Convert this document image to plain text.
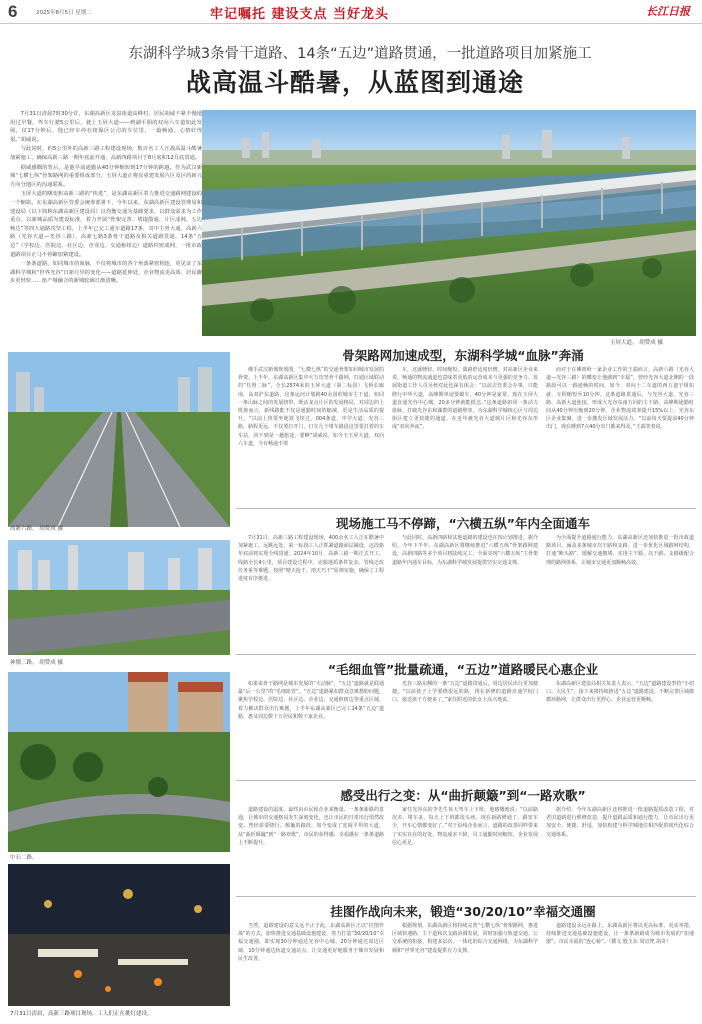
6	2025年8月5日 星期二	牢记嘱托 建设支点 当好龙头	长江日报
东湖科学城3条骨干道路、14条“五边”道路贯通，一批道路项目加紧施工
战高温斗酷暑，从蓝图到通途

7月31日清晨7时30分许，东湖高新区龙泉街道高峰村，居民胡威不紧不慢地用过早餐，驾车行驶5公里后，驶上玉屏大道——到湖平阳的双向六车道如此发展，仅17分钟后，他已经车停在纽保区公司的车位里，一篇畅通，心情好得很。”胡威说。

与此同时，约5公里外的高新三路工程建设现场，数百名工人正战高温斗酷暑加紧施工，确保高新三路一期年底前开通、高新四路项目于8月底和12月底贯通。

据威感慨的背后，是他早前通勤从40分钟缩短到17分钟的跨越。作为武汉新城“七横七纵”骨架路网的重要组成部分，玉屏大道正将原重建发展片区及区的新兴方向分地区的沟通联系。

玉屏大道的曙变和高新三路的“快进”，是东湖高新区着力推进交通路网建设的一个缩影。在东湖高新区管委会统筹部署下，今年以来，东湖高新区建设管理局和建设局（以下简称东湖高新区建设局）以均衡交通为基础要求，以群众需求为工作重点，以新城品质为建设标准，着力开展“骨架完善、堵提散通、片区成网、五边畅达”等四大通路攻坚工程，上半年已完工通车道路17条，其中主骨大通、高新六路（光谷大道—光谷三路）、高新七路3条骨干道路及相关道路贯通，14条“五边”（学校边、医院边、社区边、企业边、交通枢纽边）道路织密成网，一批市政道路项目正马不停蹄加紧建设。

一条条道路，如同城市的血脉，不仅将城市的各个角落紧密相连，更见证了东湖科学城和“世界光谷”日新月异的变化——道路延伸处，企业物流更高效、居民脚步更轻快……座产城融合的新城轮廓日渐清晰。

玉屏大道。 胡赞成 摄
高新六路。 胡赞成 摄
神墩三路。 胡赞成 摄
中石二路。
7月31日清晨，高新三路项目现场，工人们正在挑灯建设。
骨架路网加速成型，东湖科学城“血脉”奔涌

佛手武汉新城规划图，“七横七纵”的交通骨架如同城市发展的骨架。上半年，东湖高新区集中火力攻坚骨干路网，打通区域联动的“任督二脉”。全长2574米的玉屏大道（第二标段）飞桥长廊南，高双沪东道路，这条运河计划跨40余国的城市主干道，如同一条山脉之间的发展纽带，既活龙点片区的发展格局，对周边的上班族而言，新线路能不仅是通勤时间的缩减，更是生活品质的提升。“以前上班要坐地铁飞快过，004条道，中学大道、光谷三路，路程更远。不仅要打开门，打车几个堵车路段这里要打着的车车站，回不到是一趟旅途，要啊”胡威说，如今玉玉屏大道，双向六车道，今有畅通不堵

车，这就睡轻，时间缩短，离路舒适度倍增。对高新区企业来说，畅通的物流通道也意味着更低的运营成本与更强的竞争力。发展街道工作人员吴秋对此也深有体会：“以前去管委会办事，只能绕行中华大道，高峰期单途要破车，40分钟是家常。现在玉屏大道直通光谷中心城，20多分钟就能抵达。”这条道路如同一条动力血脉，打破光谷东和湖群的道路壁垒，为东湖科学城核心区与周边街区建立更快捷的通道，在近年被光谷大道城片区和光谷东形成“双向奔流”。

而对于在佛祖岭一家企业工作的王端而言，高新六路（光谷大道—光谷三路）的蝶变让他感到“幸福”。曾经光谷大道北侧的一段路段可以一路通畅的时间，如今，双向十二车道的西方道宇组如就，车程缩短至10分钟。这条道路贯通后，与光谷大道、光谷三路、高新大道连接，形成大光谷东南方向的主干路，高峰期通勤时间从40分钟压缩到20分钟，企业物流效率提升15%以上，光谷东区企业集聚，进一步激发区域发展活力。“以前每天要提前40分钟出门，现在睡到7点40分出门都来得及。”王端笑着说。

现场施工马不停蹄，“六横五纵”年内全面通车

7月31日，高新三路工程建设现场，400余名工人正在酷暑中加紧施工。远眺远处，第一标段工人正抓紧道路面层铺设，这段路年底前将实现全线贯通。2024年10月，高新三路一期正式开工，线路全长4公里，项目建设过程中，克服地质条件复杂、管线迁改任务重等难题，按照“晴天抢干、雨天巧干”原则实施，确保了工程进度有序推进。

与此同时，高新四路和其他道路的建设也在按计划推进。据介绍，今年下半年，东湖高新区将继续推进“六横五纵”骨架路网建设，高新四路等多个项目将陆续完工，全面实现“六横五纵”主骨架道路年内通车目标，为东湖科学城发展提供坚实交通支撑。

为全面提升道路通行能力，东湖高新区还加快推进一批市政道路项目，涵盖多条城市次干路和支路，进一步优化区域路网结构，打通“断头路”，缓解交通拥堵，实现主干路、次干路、支路级配合理的路网体系，让城市交通更加顺畅高效。

“毛细血管”批量疏通，“五边”道路暖民心惠企业

如果说骨干路网是城市发展的“大动脉”，“五边”道路就是联通最“后一公里”的“毛细血管”。“五边”道路紧扣群众急难愁盼问题，聚焦学校边、医院边、社区边、企业边、交通枢纽边等重点区域，着力解决群众出行难题，上半年东湖高新区已完工14条“五边”道路，惠及周边数十万居民和数千家企业。

光谷三路东侧的一条“五边”道路贯通后，周边居民出行更加便捷。“以前孩子上学要绕很远的路，现在新修的道路直通学校门口，接送孩子方便多了。”家住附近的张女士高兴地说。

东湖高新区建设局相关负责人表示，“五边”道路建设坚持“小切口、大民生”，接下来将持续推进“五边”道路建设，不断完善区域微循环路网，让群众出行更舒心、企业运营更顺畅。

感受出行之变：从“曲折颠簸”到“一路欢歌”

道路建设的温度，最终由市民和企业来衡量。一条条新路的贯通，让城市的交通格局发生深刻变化，也让市民的日常出行悄然改变。曾经需要绕行、颠簸的路段，如今变成了宽阔平坦的大道，从“曲折颠簸”到“一路欢歌”，市民的获得感、幸福感在一条条道路上不断提升。

家住光谷东的李先生每天驾车上下班，他感慨地说：“以前路况差、堵车多，每天上下班都很头疼。现在新路修通了，路宽车少，开车心情都变好了。”对于沿线企业而言，道路的改善同样带来了实实在在的好处，物流成本下降，员工通勤时间缩短，企业发展信心更足。

据介绍，今年东湖高新区还将推进一批道路提质改造工程，对老旧道路进行维修改造，提升道路品质和通行能力，让市民出行更加安全、便捷、舒适，加快构建与科学城地位相匹配的现代化综合交通体系。

挂图作战向未来，锻造“30/20/10”幸福交通圈

当然，道路建设的意义远不止于此。东湖高新区正以“挂图作战”的方式，加快推进交通基础设施建设，着力打造“30/20/10”幸福交通圈，即实现30分钟通达光谷中心城、20分钟通达周边区域、10分钟通达轨道交通站点，让交通更好地服务于城市发展和民生改善。

根据规划，东湖高新区将持续完善“七横七纵”骨架路网，推进区域快速路、主干道和次支路协调发展，同时加强与轨道交通、公交系统的衔接，构建多层次、一体化的综合交通网络，为东湖科学城和“世界光谷”建设提供有力支撑。

道路建设永远在路上。东湖高新区将以更高标准、更实举措，持续推进交通基础设施建设，让一条条新路成为城市发展的“加速器”、市民幸福的“连心桥”。（撰文 殷玉东 周宜梵 胡奇）
